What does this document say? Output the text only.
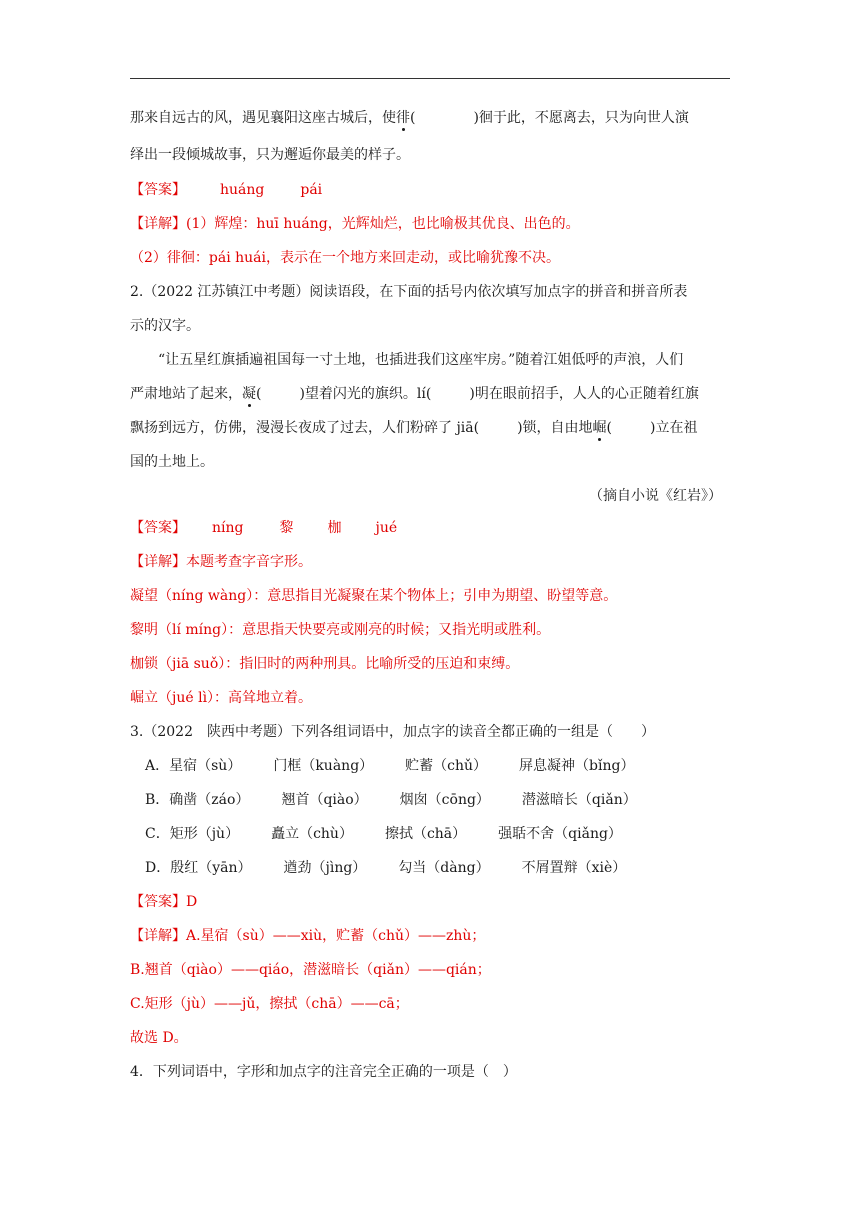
那来自远古的风，遇见襄阳这座古城后，使徘(	)徊于此，不愿离去，只为向世人演
绎出一段倾城故事，只为邂逅你最美的样子。
【答案】 huáng	pái
【详解】(1）辉煌：huī huáng，光辉灿烂，也比喻极其优良、出色的。
（2）徘徊：pái huái，表示在一个地方来回走动，或比喻犹豫不决。
2.（2022 江苏镇江中考题）阅读语段，在下面的括号内依次填写加点字的拼音和拼音所表
示的汉字。
“让五星红旗插遍祖国每一寸土地，也插进我们这座牢房。”随着江姐低呼的声浪，人们
严肃地站了起来，凝(	)望着闪光的旗织。lí(	)明在眼前招手，人人的心正随着红旗
飘扬到远方，仿佛，漫漫长夜成了过去，人们粉碎了 jiā(	)锁，自由地崛(	)立在祖
国的土地上。
（摘自小说《红岩》）
【答案】 níng	黎 枷 jué
【详解】本题考查字音字形。
凝望（níng wàng）：意思指目光凝聚在某个物体上；引申为期望、盼望等意。
黎明（lí míng）：意思指天快要亮或刚亮的时候；又指光明或胜利。
枷锁（jiā suǒ）：指旧时的两种刑具。比喻所受的压迫和束缚。
崛立（jué lì）：高耸地立着。
3.（2022　陕西中考题）下列各组词语中，加点字的读音全都正确的一组是（　　）
A．星宿（sù） 门框（kuàng） 贮蓄（chǔ） 屏息凝神（bǐng）
B．确凿（záo） 翘首（qiào） 烟囱（cōng） 潜滋暗长（qiǎn）
C．矩形（jù） 矗立（chù） 擦拭（chā） 强聒不舍（qiǎng）
D．殷红（yān） 遒劲（jìng） 勾当（dàng） 不屑置辩（xiè）
【答案】D
【详解】A.星宿（sù）——xiù，贮蓄（chǔ）——zhù；
B.翘首（qiào）——qiáo，潜滋暗长（qiǎn）——qián；
C.矩形（jù）——jǔ，擦拭（chā）——cā；
故选 D。
4．下列词语中，字形和加点字的注音完全正确的一项是（　）
